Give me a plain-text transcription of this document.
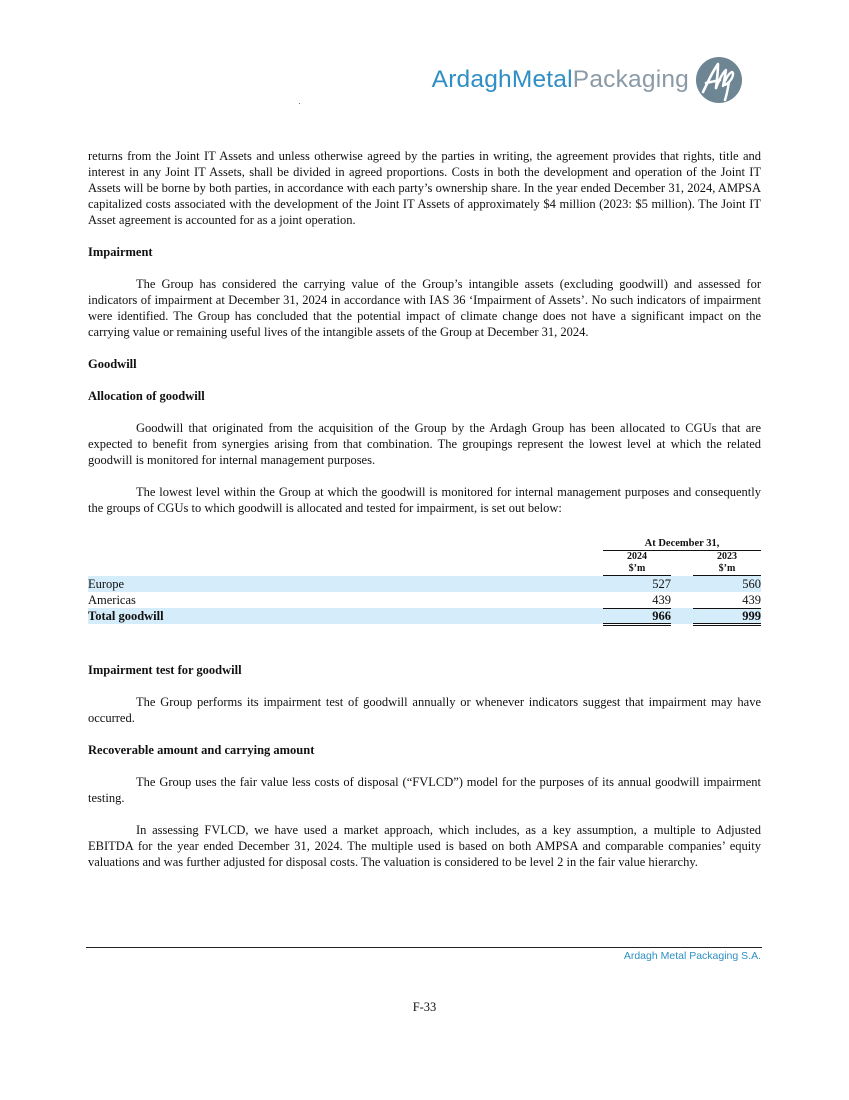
ArdaghMetalPackaging

returns from the Joint IT Assets and unless otherwise agreed by the parties in writing, the agreement provides that rights, title and interest in any Joint IT Assets, shall be divided in agreed proportions. Costs in both the development and operation of the Joint IT Assets will be borne by both parties, in accordance with each party’s ownership share. In the year ended December 31, 2024, AMPSA capitalized costs associated with the development of the Joint IT Assets of approximately $4 million (2023: $5 million). The Joint IT Asset agreement is accounted for as a joint operation.

Impairment

The Group has considered the carrying value of the Group’s intangible assets (excluding goodwill) and assessed for indicators of impairment at December 31, 2024 in accordance with IAS 36 ‘Impairment of Assets’. No such indicators of impairment were identified. The Group has concluded that the potential impact of climate change does not have a significant impact on the carrying value or remaining useful lives of the intangible assets of the Group at December 31, 2024.

Goodwill
Allocation of goodwill

Goodwill that originated from the acquisition of the Group by the Ardagh Group has been allocated to CGUs that are expected to benefit from synergies arising from that combination. The groupings represent the lowest level at which the related goodwill is monitored for internal management purposes.

The lowest level within the Group at which the goodwill is monitored for internal management purposes and consequently the groups of CGUs to which goodwill is allocated and tested for impairment, is set out below:

At December 31,
2024
$’m
2023
$’m
Europe	527	560
Americas	439	439
Total goodwill	966	999
Impairment test for goodwill

The Group performs its impairment test of goodwill annually or whenever indicators suggest that impairment may have occurred.

Recoverable amount and carrying amount

The Group uses the fair value less costs of disposal (“FVLCD”) model for the purposes of its annual goodwill impairment testing.

In assessing FVLCD, we have used a market approach, which includes, as a key assumption, a multiple to Adjusted EBITDA for the year ended December 31, 2024. The multiple used is based on both AMPSA and comparable companies’ equity valuations and was further adjusted for disposal costs. The valuation is considered to be level 2 in the fair value hierarchy.

Ardagh Metal Packaging S.A.
F-33
